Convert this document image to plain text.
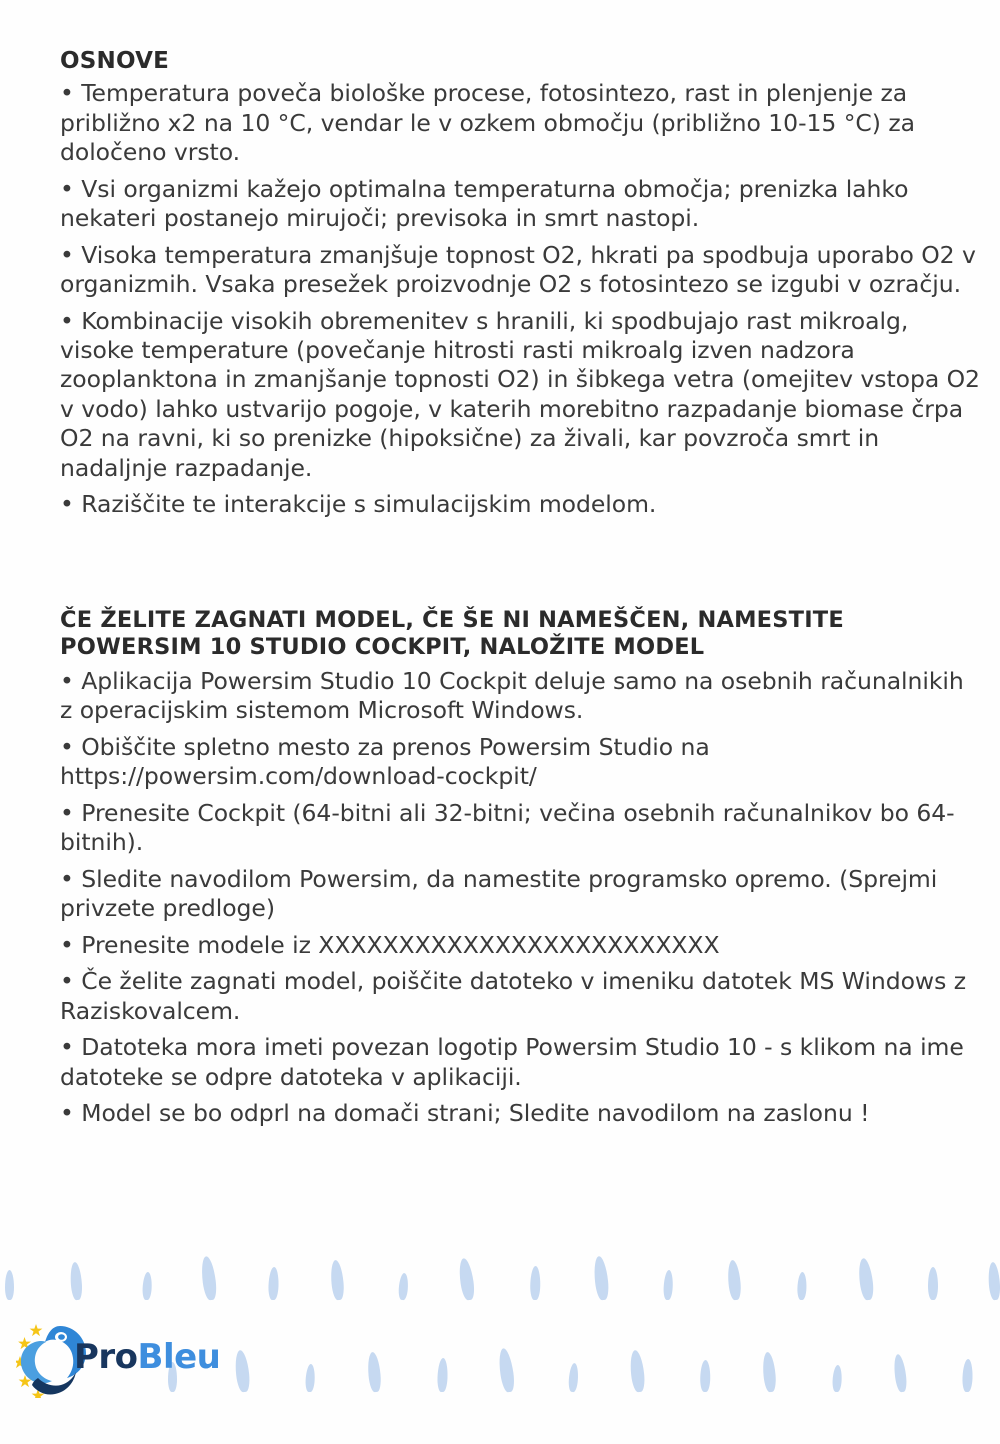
OSNOVE
• Temperatura poveča biološke procese, fotosintezo, rast in plenjenje za približno x2 na 10 °C, vendar le v ozkem območju (približno 10-15 °C) za določeno vrsto.
• Vsi organizmi kažejo optimalna temperaturna območja; prenizka lahko nekateri postanejo mirujoči; previsoka in smrt nastopi.
• Visoka temperatura zmanjšuje topnost O2, hkrati pa spodbuja uporabo O2 v organizmih. Vsaka presežek proizvodnje O2 s fotosintezo se izgubi v ozračju.
• Kombinacije visokih obremenitev s hranili, ki spodbujajo rast mikroalg, visoke temperature (povečanje hitrosti rasti mikroalg izven nadzora zooplanktona in zmanjšanje topnosti O2) in šibkega vetra (omejitev vstopa O2 v vodo) lahko ustvarijo pogoje, v katerih morebitno razpadanje biomase črpa O2 na ravni, ki so prenizke (hipoksične) za živali, kar povzroča smrt in nadaljnje razpadanje.
• Raziščite te interakcije s simulacijskim modelom.
ČE ŽELITE ZAGNATI MODEL, ČE ŠE NI NAMEŠČEN, NAMESTITE POWERSIM 10 STUDIO COCKPIT, NALOŽITE MODEL
• Aplikacija Powersim Studio 10 Cockpit deluje samo na osebnih računalnikih z operacijskim sistemom Microsoft Windows.
• Obiščite spletno mesto za prenos Powersim Studio na https://powersim.com/download-cockpit/
• Prenesite Cockpit (64-bitni ali 32-bitni; večina osebnih računalnikov bo 64-bitnih).
• Sledite navodilom Powersim, da namestite programsko opremo. (Sprejmi privzete predloge)
• Prenesite modele iz XXXXXXXXXXXXXXXXXXXXXXXXX
• Če želite zagnati model, poiščite datoteko v imeniku datotek MS Windows z Raziskovalcem.
• Datoteka mora imeti povezan logotip Powersim Studio 10 - s klikom na ime datoteke se odpre datoteka v aplikaciji.
• Model se bo odprl na domači strani; Sledite navodilom na zaslonu !
ProBleu
